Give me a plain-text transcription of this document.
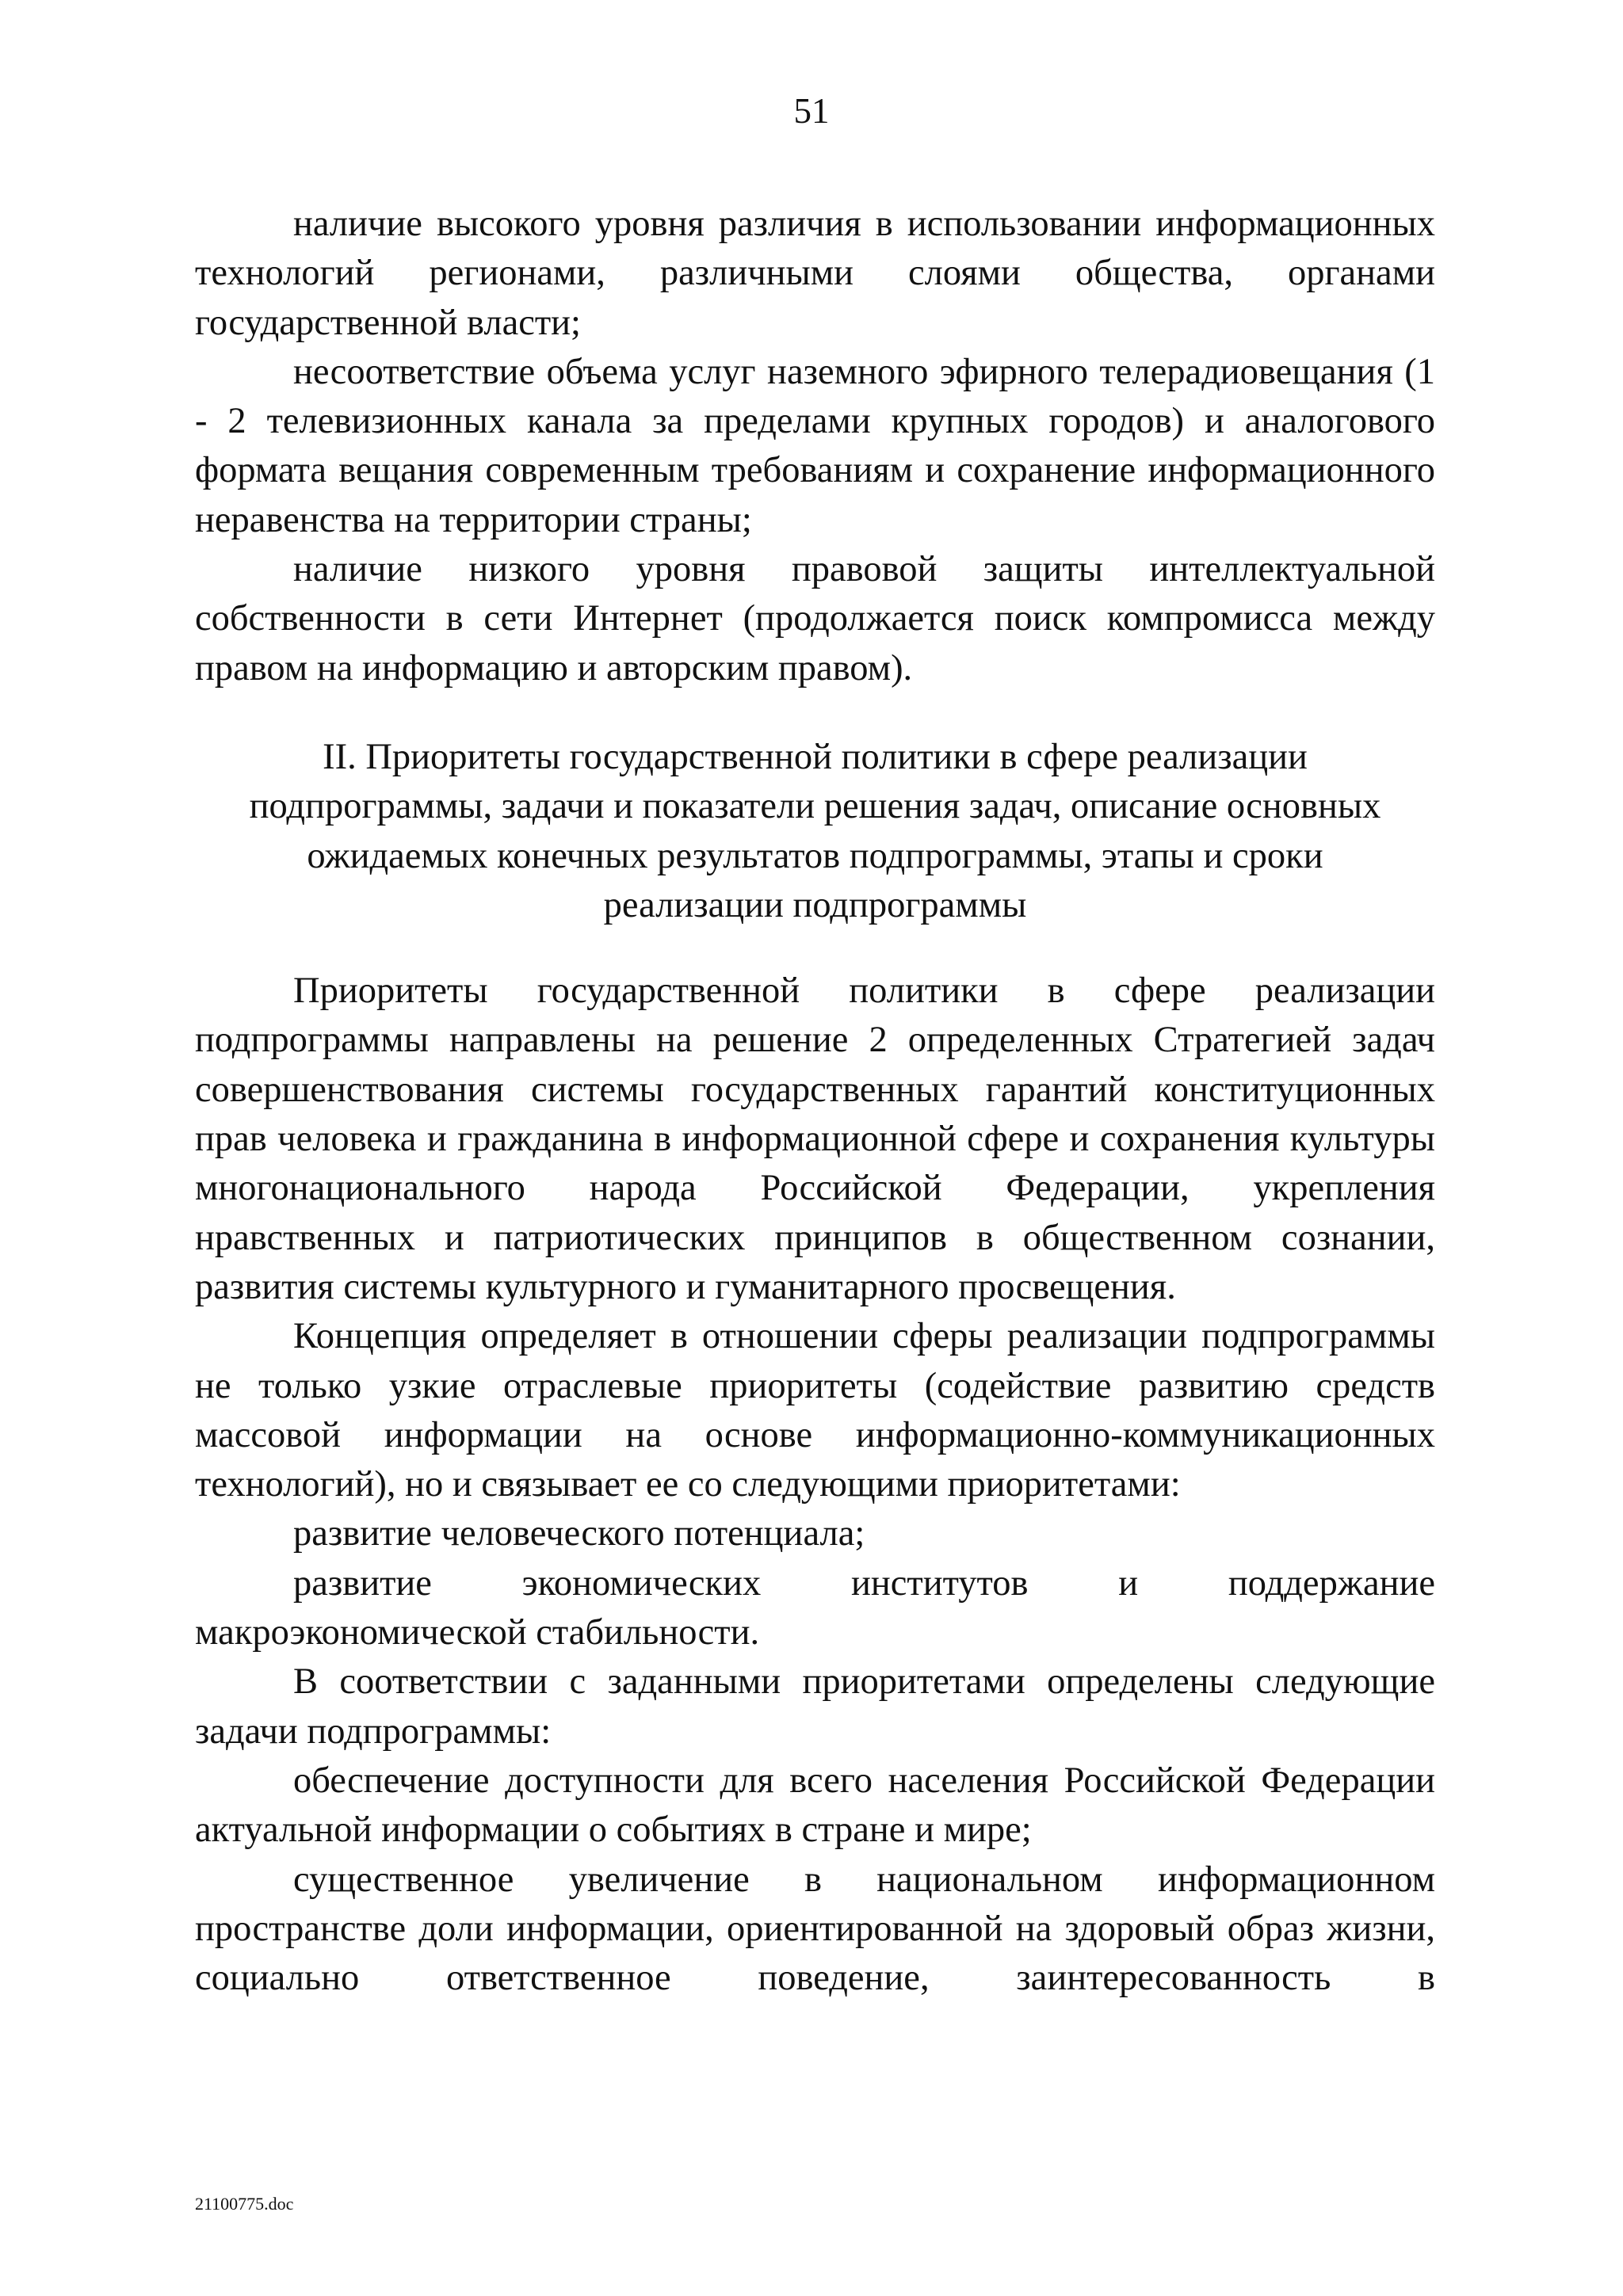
51

наличие высокого уровня различия в использовании информационных технологий регионами, различными слоями общества, органами государственной власти;

несоответствие объема услуг наземного эфирного телерадиовещания (1 - 2 телевизионных канала за пределами крупных городов) и аналогового формата вещания современным требованиям и сохранение информационного неравенства на территории страны;

наличие низкого уровня правовой защиты интеллектуальной собственности в сети Интернет (продолжается поиск компромисса между правом на информацию и авторским правом).

II. Приоритеты государственной политики в сфере реализации
подпрограммы, задачи и показатели решения задач, описание основных
ожидаемых конечных результатов подпрограммы, этапы и сроки
реализации подпрограммы

Приоритеты государственной политики в сфере реализации подпрограммы направлены на решение 2 определенных Стратегией задач совершенствования системы государственных гарантий конституционных прав человека и гражданина в информационной сфере и сохранения культуры многонационального народа Российской Федерации, укрепления нравственных и патриотических принципов в общественном сознании, развития системы культурного и гуманитарного просвещения.

Концепция определяет в отношении сферы реализации подпрограммы не только узкие отраслевые приоритеты (содействие развитию средств массовой информации на основе информационно-коммуникационных технологий), но и связывает ее со следующими приоритетами:

развитие человеческого потенциала;

развитие экономических институтов и поддержание макроэкономической стабильности.

В соответствии с заданными приоритетами определены следующие задачи подпрограммы:

обеспечение доступности для всего населения Российской Федерации актуальной информации о событиях в стране и мире;

существенное увеличение в национальном информационном пространстве доли информации, ориентированной на здоровый образ жизни, социально ответственное поведение, заинтересованность в

21100775.doc
